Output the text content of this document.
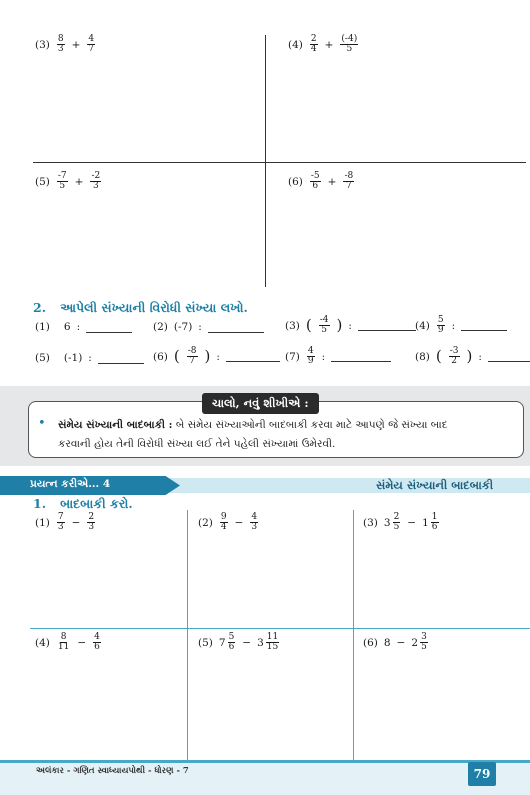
$(3) \frac{8}{3} + \frac{4}{7}$	$(4) \frac{2}{4} + \frac{(-4)}{5}$
$(5) \frac{-7}{5} + \frac{-2}{3}$	$(6) \frac{-5}{6} + \frac{-8}{7}$
2. આપેલી સંખ્યાની વિરોધી સંખ્યા લખો.
(1) 6 :	(2) (-7) :	(3) ( $\frac{-4}{5}$ ) :	$(4) \frac{5}{9}$ :
(5) (-1) :	(6) ( $\frac{-8}{7}$ ) :	$(7) \frac{4}{9}$ :	(8) ( $\frac{-3}{2}$ ) :
ચાલો, નવું શીખીએ :
• સંમેય સંખ્યાની બાદબાકી : બે સંમેય સંખ્યાઓની બાદબાકી કરવા માટે આપણે જે સંખ્યા બાદ
કરવાની હોય તેની વિરોધી સંખ્યા લઈ તેને પહેલી સંખ્યામાં ઉમેરવી.
પ્રયત્ન કરીએ... 4	સંમેય સંખ્યાની બાદબાકી
1. બાદબાકી કરો.
$(1) \frac{7}{3} - \frac{2}{3}$	$(2) \frac{9}{4} - \frac{4}{3}$	(3) $3 \frac{2}{5} - 1 \frac{1}{6}$
$(4) \frac{8}{11} - \frac{4}{6}$	(5) $7 \frac{5}{6} - 3 \frac{11}{15}$	(6) $8 - 2 \frac{3}{5}$
અલંકાર - ગણિત સ્વાધ્યાયપોથી - ધોરણ - 7	79
